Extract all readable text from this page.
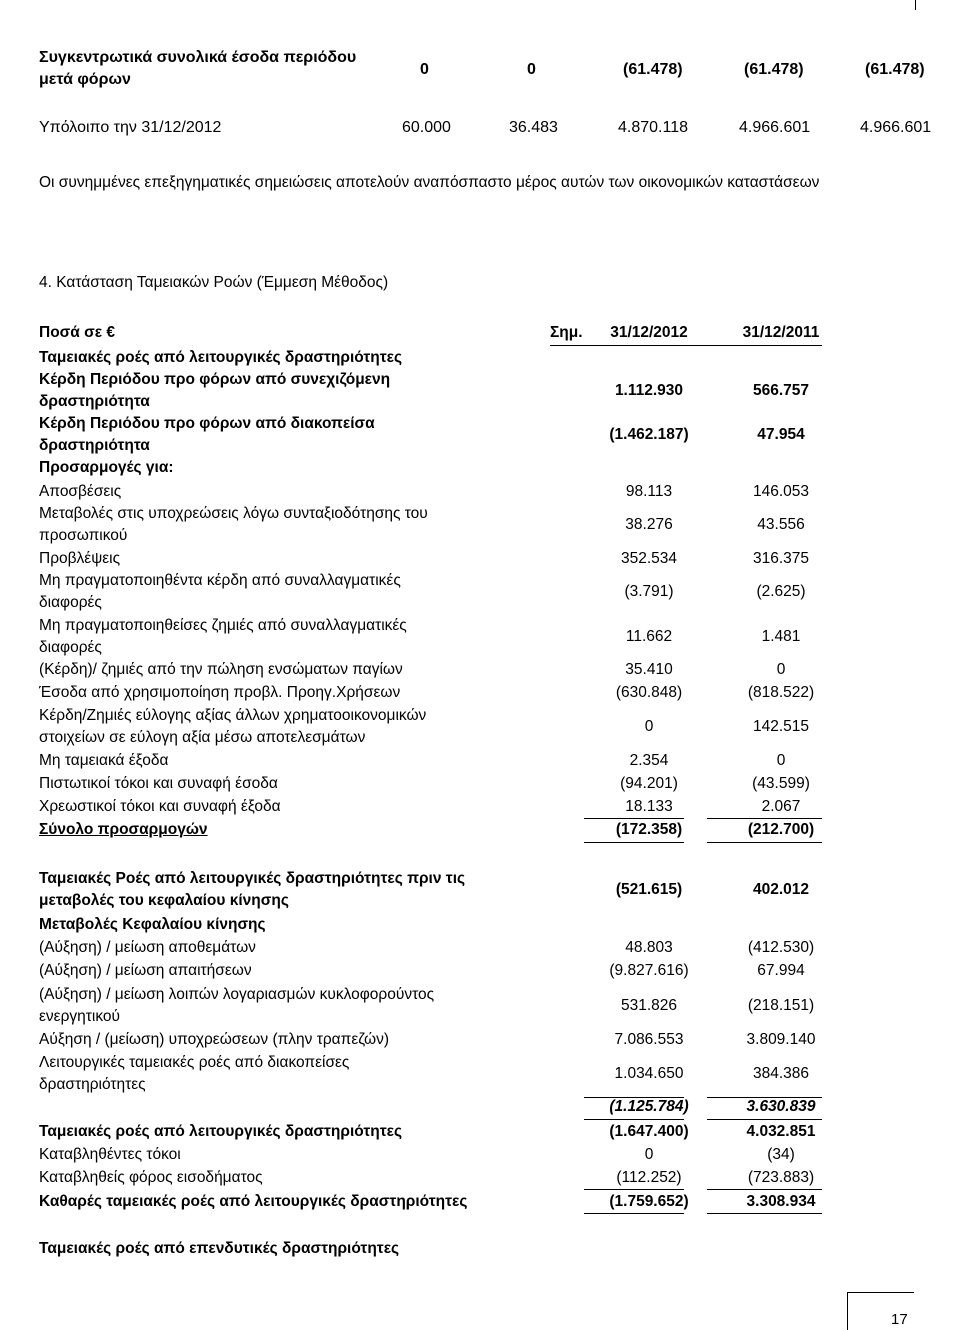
Συγκεντρωτικά συνολικά έσοδα περιόδου
μετά φόρων
0	0	(61.478)	(61.478)	(61.478)
Υπόλοιπο την 31/12/2012	60.000	36.483	4.870.118	4.966.601	4.966.601
Οι συνημμένες επεξηγηματικές σημειώσεις αποτελούν αναπόσπαστο μέρος αυτών των οικονομικών καταστάσεων
4. Κατάσταση Ταμειακών Ροών (Έμμεση Μέθοδος)
Ποσά σε €	Σημ.	31/12/2012	31/12/2011
Ταμειακές ροές από λειτουργικές δραστηριότητες
Κέρδη Περιόδου προ φόρων από συνεχιζόμενη
δραστηριότητα
1.112.930	566.757
Κέρδη Περιόδου προ φόρων από διακοπείσα
δραστηριότητα
(1.462.187)	47.954
Προσαρμογές για:
Αποσβέσεις	98.113	146.053
Μεταβολές στις υποχρεώσεις λόγω συνταξιοδότησης του
προσωπικού
38.276	43.556
Προβλέψεις	352.534	316.375
Μη πραγματοποιηθέντα κέρδη από συναλλαγματικές
διαφορές
(3.791)	(2.625)
Μη πραγματοποιηθείσες ζημιές από συναλλαγματικές
διαφορές
11.662	1.481
(Κέρδη)/ ζημιές από την πώληση ενσώματων παγίων	35.410	0
Έσοδα από χρησιμοποίηση προβλ. Προηγ.Χρήσεων	(630.848)	(818.522)
Κέρδη/Ζημιές εύλογης αξίας άλλων χρηματοοικονομικών
στοιχείων σε εύλογη αξία μέσω αποτελεσμάτων
0	142.515
Μη ταμειακά έξοδα	2.354	0
Πιστωτικοί τόκοι και συναφή έσοδα	(94.201)	(43.599)
Χρεωστικοί τόκοι και συναφή έξοδα	18.133	2.067
Σύνολο προσαρμογών	(172.358)	(212.700)
Ταμειακές Ροές από λειτουργικές δραστηριότητες πριν τις
μεταβολές του κεφαλαίου κίνησης
(521.615)	402.012
Μεταβολές Κεφαλαίου κίνησης
(Αύξηση) / μείωση αποθεμάτων	48.803	(412.530)
(Αύξηση) / μείωση απαιτήσεων	(9.827.616)	67.994
(Αύξηση) / μείωση λοιπών λογαριασμών κυκλοφορούντος
ενεργητικού
531.826	(218.151)
Αύξηση / (μείωση) υποχρεώσεων (πλην τραπεζών)	7.086.553	3.809.140
Λειτουργικές ταμειακές ροές από διακοπείσες
δραστηριότητες
1.034.650	384.386
(1.125.784)	3.630.839
Ταμειακές ροές από λειτουργικές δραστηριότητες	(1.647.400)	4.032.851
Καταβληθέντες τόκοι	0	(34)
Καταβληθείς φόρος εισοδήματος	(112.252)	(723.883)
Καθαρές ταμειακές ροές από λειτουργικές δραστηριότητες	(1.759.652)	3.308.934
Ταμειακές ροές από επενδυτικές δραστηριότητες
17
